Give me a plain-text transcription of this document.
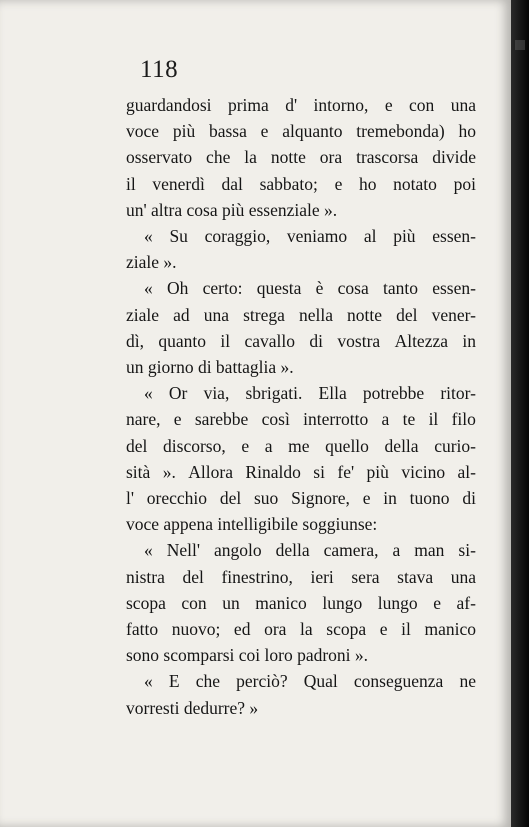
118
guardandosi prima d' intorno, e con una
voce più bassa e alquanto tremebonda) ho
osservato che la notte ora trascorsa divide
il venerdì dal sabbato; e ho notato poi
un' altra cosa più essenziale ».
« Su coraggio, veniamo al più essen-
ziale ».
« Oh certo: questa è cosa tanto essen-
ziale ad una strega nella notte del vener-
dì, quanto il cavallo di vostra Altezza in
un giorno di battaglia ».
« Or via, sbrigati. Ella potrebbe ritor-
nare, e sarebbe così interrotto a te il filo
del discorso, e a me quello della curio-
sità ». Allora Rinaldo si fe' più vicino al-
l' orecchio del suo Signore, e in tuono di
voce appena intelligibile soggiunse:
« Nell' angolo della camera, a man si-
nistra del finestrino, ieri sera stava una
scopa con un manico lungo lungo e af-
fatto nuovo; ed ora la scopa e il manico
sono scomparsi coi loro padroni ».
« E che perciò? Qual conseguenza ne
vorresti dedurre? »
